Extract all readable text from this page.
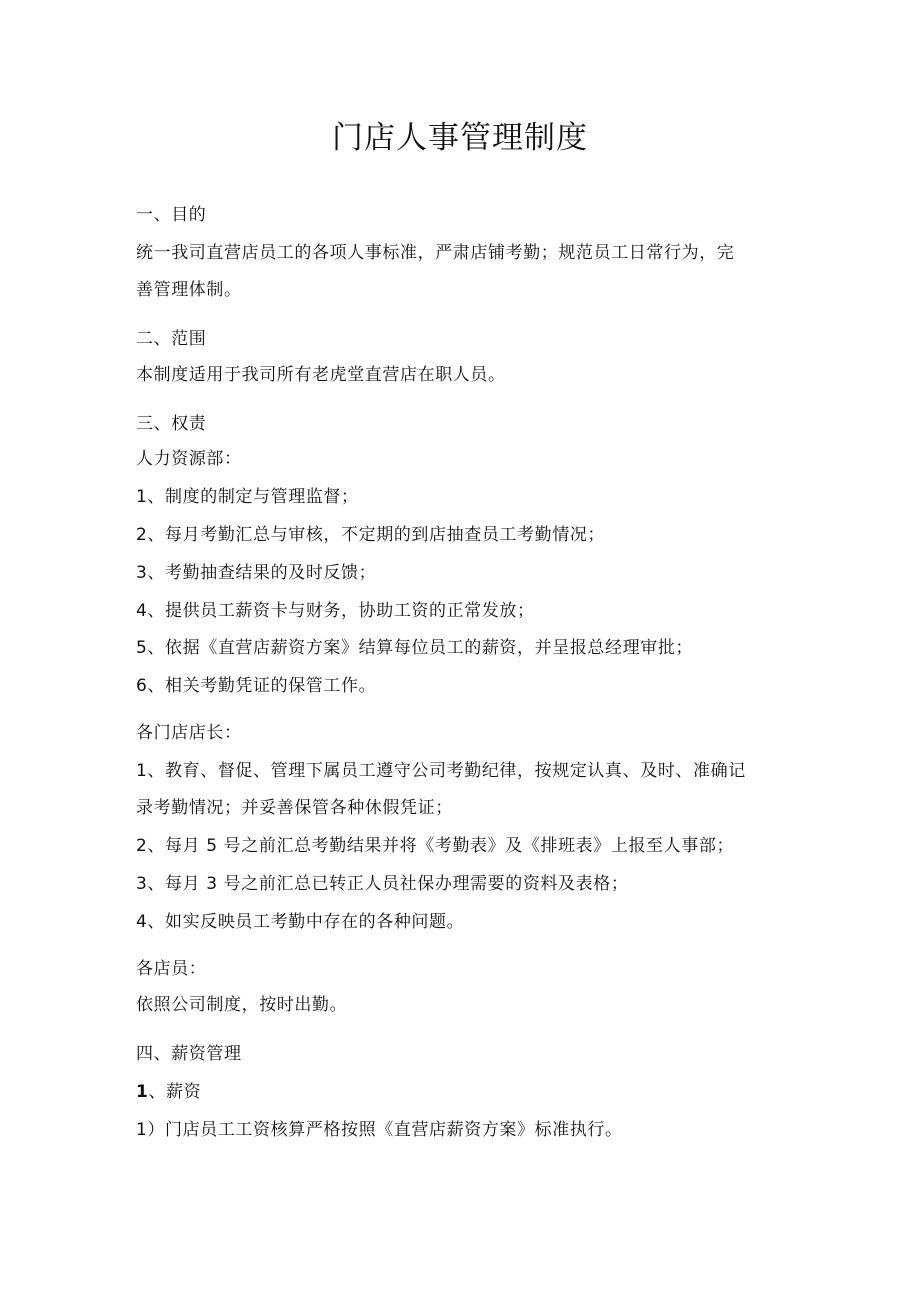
门店人事管理制度
一、目的
统一我司直营店员工的各项人事标准，严肃店铺考勤；规范员工日常行为，完
善管理体制。
二、范围
本制度适用于我司所有老虎堂直营店在职人员。
三、权责
人力资源部：
1、制度的制定与管理监督；
2、每月考勤汇总与审核，不定期的到店抽查员工考勤情况；
3、考勤抽查结果的及时反馈；
4、提供员工薪资卡与财务，协助工资的正常发放；
5、依据《直营店薪资方案》结算每位员工的薪资，并呈报总经理审批；
6、相关考勤凭证的保管工作。
各门店店长：
1、教育、督促、管理下属员工遵守公司考勤纪律，按规定认真、及时、准确记
录考勤情况；并妥善保管各种休假凭证；
2、每月 5 号之前汇总考勤结果并将《考勤表》及《排班表》上报至人事部；
3、每月 3 号之前汇总已转正人员社保办理需要的资料及表格；
4、如实反映员工考勤中存在的各种问题。
各店员：
依照公司制度，按时出勤。
四、薪资管理
1、薪资
1）门店员工工资核算严格按照《直营店薪资方案》标准执行。
